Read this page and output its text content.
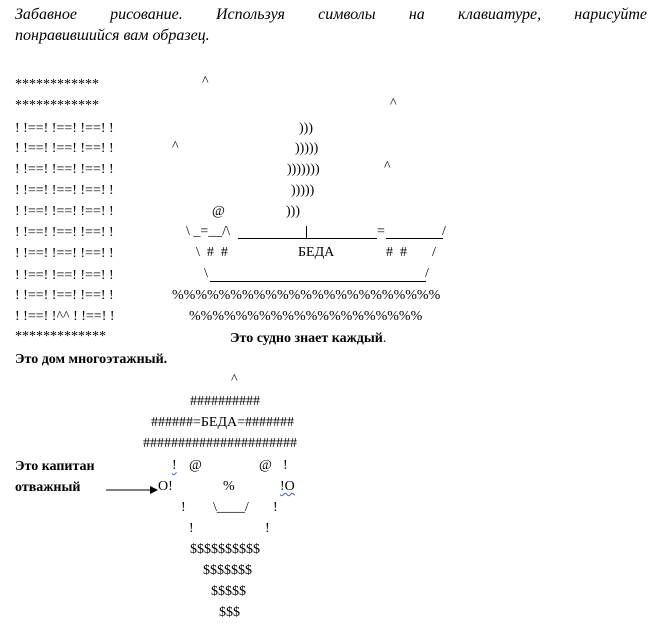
Забавное рисование. Используя символы на клавиатуре, нарисуйте
понравившийся вам образец.
************
************
! !==! !==! !==! !
! !==! !==! !==! !
! !==! !==! !==! !
! !==! !==! !==! !
! !==! !==! !==! !
! !==! !==! !==! !
! !==! !==! !==! !
! !==! !==! !==! !
! !==! !==! !==! !
! !==! !^^ ! !==! !
*************
^
^
^
^
)))
)))))
)))))))
)))))
)))
@
\ _=__/\	=	/
\  #  #	БЕДА	#  # /
\	/
%%%%%%%%%%%%%%%%%%%%%%%
%%%%%%%%%%%%%%%%%%%%
Это судно знает каждый.
Это дом многоэтажный.
^
##########
######=БЕДА=#######
######################
Это капитан
отважный
! @	@ !
O!	%	!O
! \____/ !
!	!
$$$$$$$$$$
$$$$$$$
$$$$$
$$$
